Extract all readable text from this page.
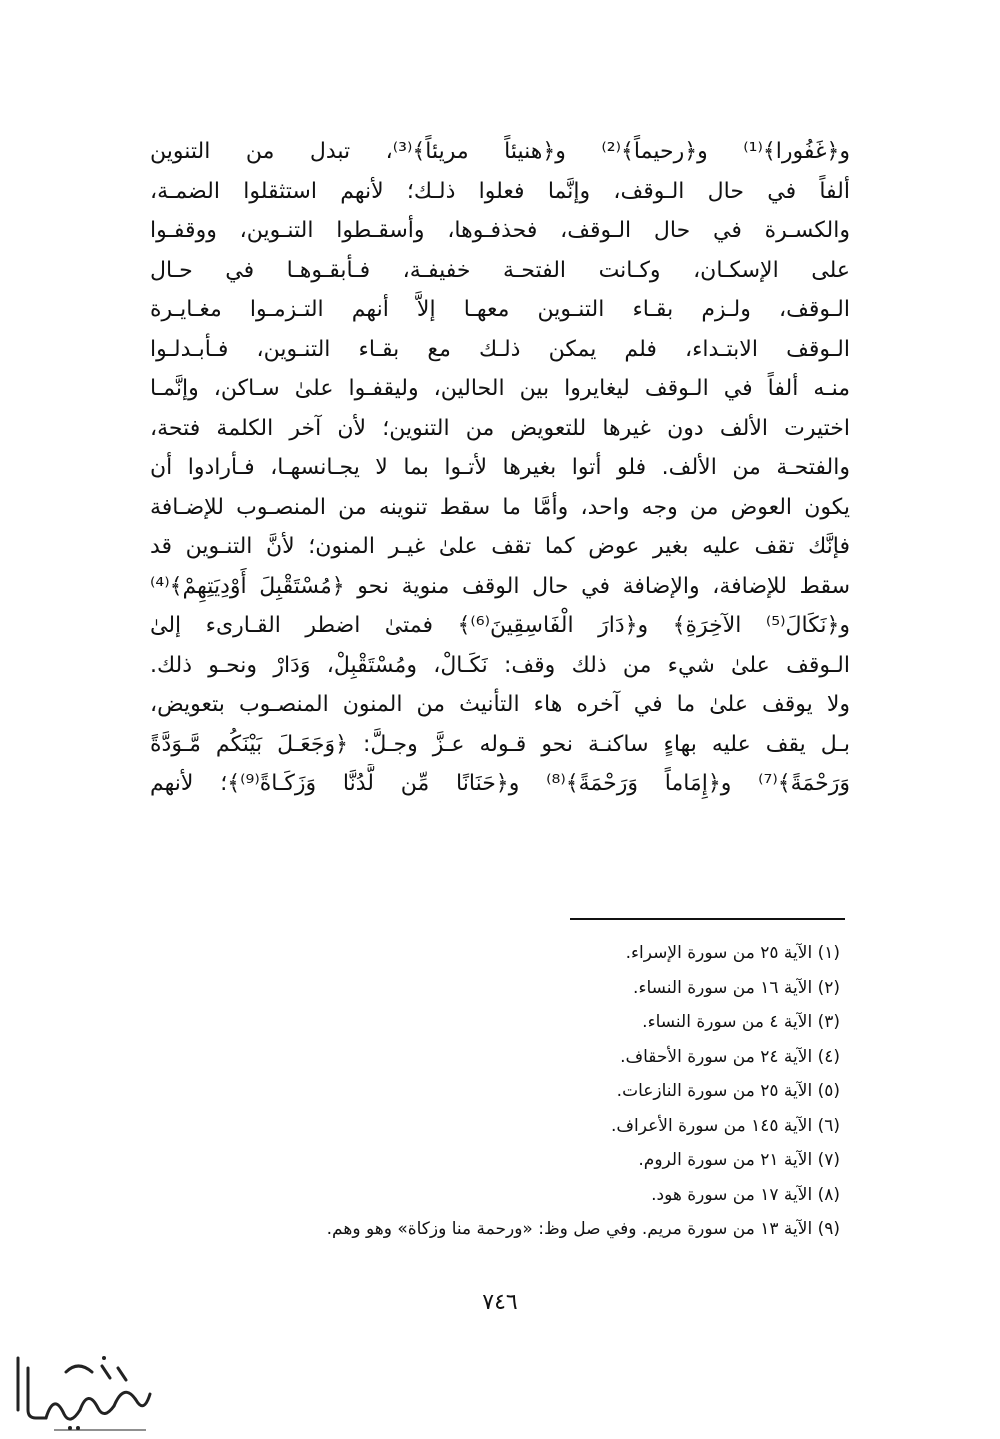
و﴿غَفُورا﴾⁽¹⁾ و﴿رحيماً﴾⁽²⁾ و﴿هنيئاً مريئاً﴾⁽³⁾، تبدل من التنوين
ألفاً في حال الـوقف، وإنَّما فعلوا ذلـك؛ لأنهم استثقلوا الضمـة،
والكسـرة في حال الـوقف، فحذفـوها، وأسقـطوا التنـوين، ووقفـوا
على الإسكـان، وكـانت الفتحـة خفيفـة، فـأبقـوهـا في حـال
الـوقف، ولـزم بقـاء التنـوين معهـا إلاَّ أنهم التـزمـوا مغـايـرة
الـوقف الابتـداء، فلم يمكن ذلـك مع بقـاء التنـوين، فـأبـدلـوا
منـه ألفاً في الـوقف ليغايروا بين الحالين، وليقفـوا علىٰ سـاكن، وإنَّمـا
اختيرت الألف دون غيرها للتعويض من التنوين؛ لأن آخر الكلمة فتحة،
والفتحـة من الألف. فلو أتوا بغيرها لأتـوا بما لا يجـانسهـا، فـأرادوا أن
يكون العوض من وجه واحد، وأمَّا ما سقط تنوينه من المنصـوب للإضـافة
فإنَّك تقف عليه بغير عوض كما تقف علىٰ غيـر المنون؛ لأنَّ التنـوين قد
سقط للإضافة، والإضافة في حال الوقف منوية نحو ﴿مُسْتَقْبِلَ أَوْدِيَتِهِمْ﴾⁽⁴⁾
و﴿نَكَالَ⁽⁵⁾ الآخِرَةِ﴾ و﴿دَارَ الْفَاسِقِينَ⁽⁶⁾﴾ فمتىٰ اضطر القـارىء إلىٰ
الـوقف علىٰ شيء من ذلك وقف: نَكَـالْ، ومُسْتَقْبِلْ، وَدَارْ ونحـو ذلك.
ولا يوقف علىٰ ما في آخره هاء التأنيث من المنون المنصـوب بتعويض،
بـل يقف عليه بهاءٍ ساكنـة نحو قـوله عـزَّ وجـلَّ: ﴿وَجَعَـلَ بَيْنَكُم مَّـوَدَّةً
وَرَحْمَةً﴾⁽⁷⁾ و﴿إِمَاماً وَرَحْمَةً﴾⁽⁸⁾ و﴿حَنَانًا مِّن لَّدُنَّا وَزَكَـاةً⁽⁹⁾﴾؛ لأنهم
(١) الآية ٢٥ من سورة الإسراء.
(٢) الآية ١٦ من سورة النساء.
(٣) الآية ٤ من سورة النساء.
(٤) الآية ٢٤ من سورة الأحقاف.
(٥) الآية ٢٥ من سورة النازعات.
(٦) الآية ١٤٥ من سورة الأعراف.
(٧) الآية ٢١ من سورة الروم.
(٨) الآية ١٧ من سورة هود.
(٩) الآية ١٣ من سورة مريم. وفي صل وظ: «ورحمة منا وزكاة» وهو وهم.
٧٤٦
